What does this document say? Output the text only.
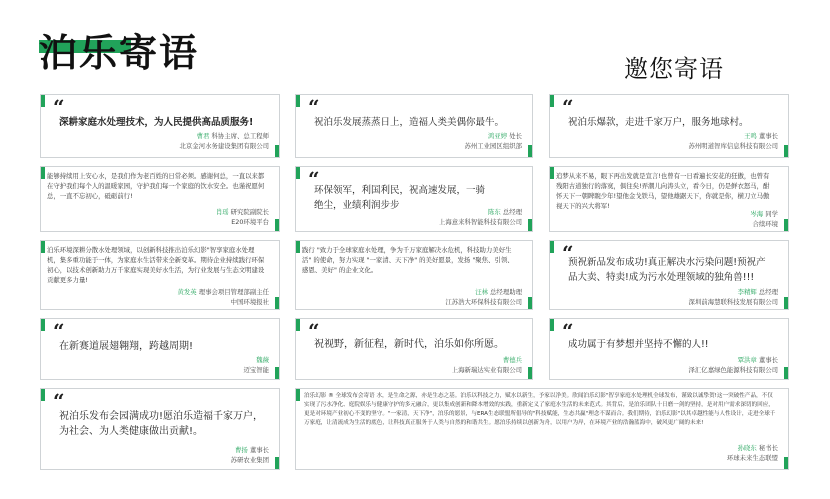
泊乐寄语	邀您寄语
“
深耕家庭水处理技术，为人民提供高品质服务!
曹君 科协主席、总工程师
北京金河水务建设集团有限公司
能够持续用上安心水，是我们作为老百姓的日常必须。感谢何总，一直以来都在守护我们每个人的温暖家园，守护我们每一个家庭的饮水安全。也谨祝愿何总，一直不忘初心，砥砺前行!
肖瑶 研究院副院长
E20环境平台
泊乐环境深耕分散水处理领域，以创新科技推出泊乐幻影"智享家庭水处理机，集多重功能于一体，为家庭水生活带来全新变革。期待企业持续践行环保初心，以技术创新助力万千家庭实现美好水生活，为行业发展与生态文明建设贡献更多力量!
黄发英 理事会项目管理部副主任
中国环境报社
“
在新赛道展翅翱翔，跨越周期!
魏薇
迈宝智能
“
祝泊乐发布会园满成功!愿泊乐造福千家万户，为社会、为人类健康做出贡献!。
曹扬 董事长
苏研农业集团
“
祝泊乐发展蒸蒸日上，造福人类美偶你最牛。
鸿亚婷 处长
苏州工业园区组织部
“
环保领军，利国利民，祝高速发展，一骑绝尘，业绩利润步步
陈东 总经理
上海意来科智能科技有限公司
践行 "致力于全球家庭水处理，争为千万家庭解决水危机，科技助力美好生活" 的使命，努力实现 "一家清、天下净" 的美好愿景，发扬 "聚焦、引领、感恩、美好" 的企业文化。
汪林 总经理助理
江苏浩大环保科技有限公司
“
祝视野，新征程，新时代，泊乐如你所愿。
曹德兵
上海新瑞达实业有限公司
泊乐幻影 ® 全球发布会寄语 水，是生命之源，亦是生态之基。泊乐以科技之力，赋水以新生，予家以净美。欣闻泊乐幻影"智享家庭水处理机全球发布，谨致以诚挚贺!这一突破性产品，不仅实现了污水净化、庭院娱乐与健康守护的多元融合，更以集成创新和降本增效的实践，重新定义了家庭水生活的未来范式。其背后，是泊乐团队十日磨一剑的坚持，是对用户需求深切的回应，更是对环境产业初心不变的坚守。"一家清，天下净"，泊乐的愿景，与ERA生态联盟所倡导的"科技赋能，生态共赢"理念不谋而合。我们期待，泊乐幻影"以其卓越性能与人性设计，走进全球千万家庭，让清流成为生活的底色，让科技真正服务于人类与自然的和谐共生。愿泊乐持续以创新为舟，以用户为岸，在环境产业的浩瀚蓝海中，破风更广阔的未来!
孙晓东 秘书长
环球未来生态联盟
“
祝泊乐爆款，走进千家万户，服务地球村。
王鸣 董事长
苏州明道智库信息科技有限公司
追梦从来不易，眼下再出发就是宣言!也曾有一日看遍长安花的狂傲，也曾有残阳古道独行的落寞，俱往矣!弄潮儿向涛头立，看今日，仍是鲜衣怒马，酣怀天下一朝睥睨少年!望他金戈铁马，望他雄踞天下，你就是你，横刀立马傲视天下的兴大将军!
岑海 同学
合续环境
“
预祝新品发布成功!真正解决水污染问题!预祝产品大卖、特卖!成为污水处理领域的独角兽!!!
李精辉 总经理
深圳前海慧联科技发展有限公司
“
成功属于有梦想并坚持不懈的人!!
覃洪章 董事长
泽汇亿嘉绿色能源科技有限公司
